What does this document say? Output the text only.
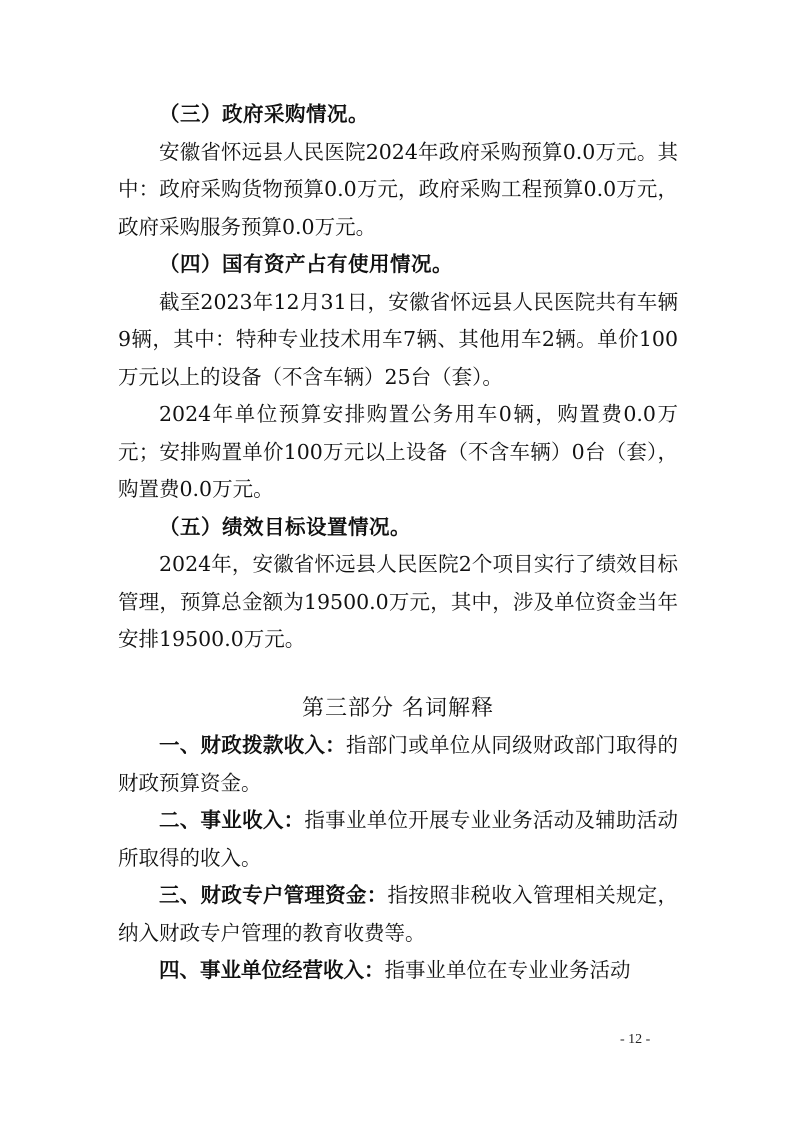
（三）政府采购情况。

安徽省怀远县人民医院2024年政府采购预算0.0万元。其中：政府采购货物预算0.0万元，政府采购工程预算0.0万元，政府采购服务预算0.0万元。

（四）国有资产占有使用情况。

截至2023年12月31日，安徽省怀远县人民医院共有车辆9辆，其中：特种专业技术用车7辆、其他用车2辆。单价100万元以上的设备（不含车辆）25台（套）。

2024年单位预算安排购置公务用车0辆，购置费0.0万元；安排购置单价100万元以上设备（不含车辆）0台（套），购置费0.0万元。

（五）绩效目标设置情况。

2024年，安徽省怀远县人民医院2个项目实行了绩效目标管理，预算总金额为19500.0万元，其中，涉及单位资金当年安排19500.0万元。

第三部分 名词解释

一、财政拨款收入：指部门或单位从同级财政部门取得的财政预算资金。

二、事业收入：指事业单位开展专业业务活动及辅助活动所取得的收入。

三、财政专户管理资金：指按照非税收入管理相关规定，纳入财政专户管理的教育收费等。

四、事业单位经营收入：指事业单位在专业业务活动

- 12 -
